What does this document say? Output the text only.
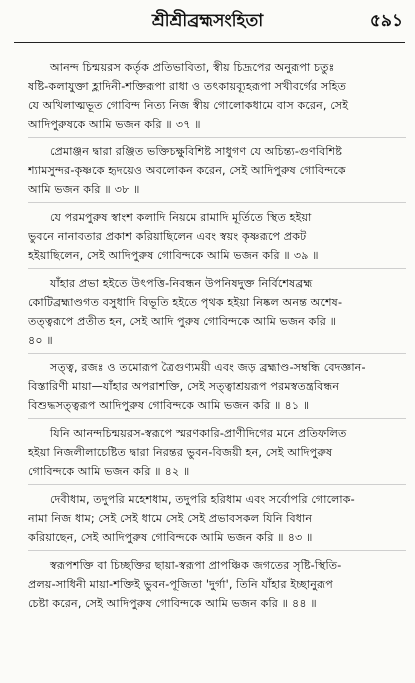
শ্রীশ্রীব্রহ্মসংহিতা	৫৯১
আনন্দ চিন্ময়রস কর্তৃক প্রতিভাবিতা, স্বীয় চিদ্রূপের অনুরূপা চতুঃ
ষষ্টি-কলাযুক্তা হ্লাদিনী-শক্তিরূপা রাধা ও তৎকায়ব্যূহরূপা সখীবর্গের সহিত
যে অখিলাত্মভূত গোবিন্দ নিত্য নিজ স্বীয় গোলোকধামে বাস করেন, সেই
আদিপুরুষকে আমি ভজন করি ॥ ৩৭ ॥
প্রেমাঞ্জন দ্বারা রঞ্জিত ভক্তিচক্ষুবিশিষ্ট সাধুগণ যে অচিন্ত্য-গুণবিশিষ্ট
শ্যামসুন্দর-কৃষ্ণকে হৃদয়েও অবলোকন করেন, সেই আদিপুরুষ গোবিন্দকে
আমি ভজন করি ॥ ৩৮ ॥
যে পরমপুরুষ স্বাংশ কলাদি নিয়মে রামাদি মূর্তিতে স্থিত হইয়া
ভুবনে নানাবতার প্রকাশ করিয়াছিলেন এবং স্বয়ং কৃষ্ণরূপে প্রকট
হইয়াছিলেন, সেই আদিপুরুষ গোবিন্দকে আমি ভজন করি ॥ ৩৯ ॥
যাঁহার প্রভা হইতে উৎপত্তি-নিবন্ধন উপনিষদুক্ত নির্বিশেষব্রহ্ম
কোটিব্রহ্মাণ্ডগত বসুধাদি বিভূতি হইতে পৃথক হইয়া নিষ্কল অনন্ত অশেষ-
তত্ত্বরূপে প্রতীত হন, সেই আদি পুরুষ গোবিন্দকে আমি ভজন করি ॥
৪০ ॥
সত্ত্ব, রজঃ ও তমোরূপ ত্রৈগুণ্যময়ী এবং জড় ব্রহ্মাণ্ড-সম্বন্ধি বেদজ্ঞান-
বিস্তারিণী মায়া—যাঁহার অপরাশক্তি, সেই সত্ত্বাশ্রয়রূপ পরমস্বতন্ত্রবিন্ধন
বিশুদ্ধসত্ত্বরূপ আদিপুরুষ গোবিন্দকে আমি ভজন করি ॥ ৪১ ॥
যিনি আনন্দচিন্ময়রস-স্বরূপে স্মরণকারি-প্রাণীদিগের মনে প্রতিফলিত
হইয়া নিজলীলাচেষ্টিত দ্বারা নিরন্তর ভুবন-বিজয়ী হন, সেই আদিপুরুষ
গোবিন্দকে আমি ভজন করি ॥ ৪২ ॥
দেবীধাম, তদুপরি মহেশধাম, তদুপরি হরিধাম এবং সর্বোপরি গোলোক-
নামা নিজ ধাম; সেই সেই ধামে সেই সেই প্রভাবসকল যিনি বিধান
করিয়াছেন, সেই আদিপুরুষ গোবিন্দকে আমি ভজন করি ॥ ৪৩ ॥
স্বরূপশক্তি বা চিচ্ছক্তির ছায়া-স্বরূপা প্রাপঞ্চিক জগতের সৃষ্টি-স্থিতি-
প্রলয়-সাধিনী মায়া-শক্তিই ভুবন-পূজিতা 'দুর্গা', তিনি যাঁহার ইচ্ছানুরূপ
চেষ্টা করেন, সেই আদিপুরুষ গোবিন্দকে আমি ভজন করি ॥ ৪৪ ॥
